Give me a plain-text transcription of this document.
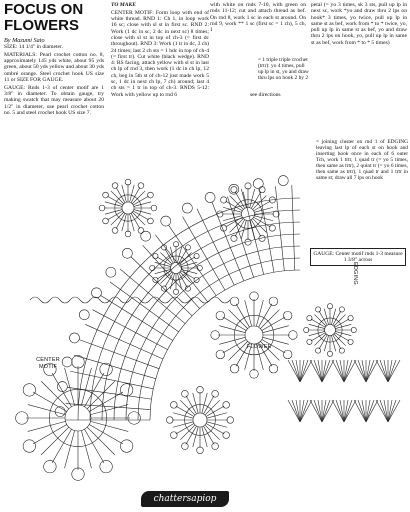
FOCUS ON FLOWERS
By Mazumi Sato

SIZE: 14 1/4" in diameter.

MATERIALS: Pearl crochet cotton no. 8, approximately 145 yds white, about 95 yds green, about 50 yds yellow and about 30 yds ombré orange. Steel crochet hook US size 11 or SIZE FOR GAUGE.

GAUGE: Rnds 1-3 of center motif are 1 3/8" in diameter. To obtain gauge, try making swatch that may measure about 20 1/2" in diameter, use pearl crochet cotton no. 5 and steel crochet hook US size 7.

TO MAKE

CENTER MOTIF: Form loop with end of white thread. RND 1: Ch 1, in loop work 16 sc; close with sl st in first sc. RND 2: Work (1 dc in sc, 2 dc in next sc) 8 times; close with sl st in top of ch-3 (= first dc throughout). RND 3: Work (1 tr in dc, 3 ch) 24 times; last 2 ch sts = 1 hdc in top of ch-4 (= first tr). Cut white (black wedge). RND 4: RS facing, attach yellow with sl st in last ch lp of rnd 3, then work (1 dc in ch lp, 12 ch, beg in 5th st of ch-12 just made work 5 sc, 1 dc in next ch lp, 7 ch) around; last 4 ch sts = 1 tr in top of ch-3. RNDS 5-12: Work with yellow up to rnd 6

with white on rnds 7-10, with green on rnds 11-12; cut and attach thread as bef. On rnd 8, work 1 sc in each st around. On rnd 9, work ** 1 sc (first sc = 1 ch), 5 ch, 1

= 1 triple triple crochet (trtr): yo 4 times, pull up lp in st, yo and draw thru lps on hook 2 by 2
see directions

petal (= yo 3 times, sk 3 sts, pull up lp in next sc, work *yo and draw thru 2 lps on hook* 3 times, yo twice, pull up lp in same st as bef, work from * to * twice, yo, pull up lp in same st as bef, yo and draw thru 2 lps on hook, yo, pull up lp in same st as bef, work from * to * 5 times)

= joining cluster on rnd 1 of EDGING leaving last lp of each st on hook and inserting hook once in each of 6 outer Tch, work 1 trtr, 1 quad tr (= yo 5 times, then same as trtr), 2 quint tr (= yo 6 times, then same as trtr), 1 quad tr and 1 trtr in same st; draw all 7 lps on hook
GAUGE: Center motif rnds 1-3 measure 1 3/8" across
CENTER MOTIF
FLOWER
EDGING
chattersapiop
